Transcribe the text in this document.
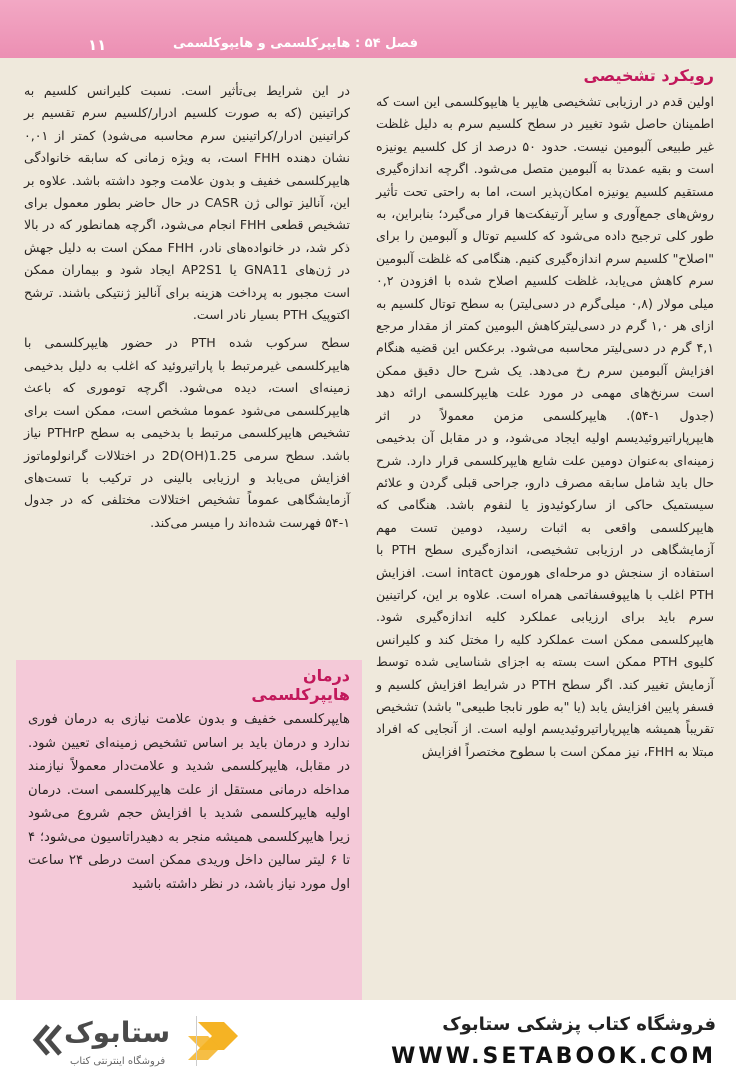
۱۱	فصل ۵۴ : هایپرکلسمی و هایپوکلسمی
رویکرد تشخیصی

اولین قدم در ارزیابی تشخیصی هایپر یا هایپوکلسمی این است که اطمینان حاصل شود تغییر در سطح کلسیم سرم به دلیل غلظت غیر طبیعی آلبومین نیست. حدود ۵۰ درصد از کل کلسیم یونیزه است و بقیه عمدتا به آلبومین متصل می‌شود. اگرچه اندازه‌گیری مستقیم کلسیم یونیزه امکان‌پذیر است، اما به راحتی تحت تأثیر روش‌های جمع‌آوری و سایر آرتیفکت‌ها قرار می‌گیرد؛ بنابراین، به طور کلی ترجیح داده می‌شود که کلسیم توتال و آلبومین را برای "اصلاح" کلسیم سرم اندازه‌گیری کنیم. هنگامی که غلظت آلبومین سرم کاهش می‌یابد، غلظت کلسیم اصلاح شده با افزودن ۰,۲ میلی مولار (۰,۸ میلی‌گرم در دسی‌لیتر) به سطح توتال کلسیم به ازای هر ۱,۰ گرم در دسی‌لیترکاهش البومین کمتر از مقدار مرجع ۴,۱ گرم در دسی‌لیتر محاسبه می‌شود. برعکس این قضیه هنگام افزایش آلبومین سرم رخ می‌دهد. یک شرح حال دقیق ممکن است سرنخ‌های مهمی در مورد علت هایپرکلسمی ارائه دهد (جدول ۱-۵۴). هایپرکلسمی مزمن معمولاً در اثر هایپرپاراتیروئیدیسم اولیه ایجاد می‌شود، و در مقابل آن بدخیمی زمینه‌ای به‌عنوان دومین علت شایع هایپرکلسمی قرار دارد. شرح حال باید شامل سابقه مصرف دارو، جراحی قبلی گردن و علائم سیستمیک حاکی از سارکوئیدوز یا لنفوم باشد. هنگامی که هایپرکلسمی واقعی به اثبات رسید، دومین تست مهم آزمایشگاهی در ارزیابی تشخیصی، اندازه‌گیری سطح PTH با استفاده از سنجش دو مرحله‌ای هورمون intact است. افزایش PTH اغلب با هایپوفسفاتمی همراه است. علاوه بر این، کراتینین سرم باید برای ارزیابی عملکرد کلیه اندازه‌گیری شود. هایپرکلسمی ممکن است عملکرد کلیه را مختل کند و کلیرانس کلیوی PTH ممکن است بسته به اجزای شناسایی شده توسط آزمایش تغییر کند. اگر سطح PTH در شرایط افزایش کلسیم و فسفر پایین افزایش یابد (یا "به طور نابجا طبیعی" باشد) تشخیص تقریباً همیشه هایپرپاراتیروئیدیسم اولیه است. از آنجایی که افراد مبتلا به FHH، نیز ممکن است با سطوح مختصراً افزایش

در این شرایط بی‌تأثیر است. نسبت کلیرانس کلسیم به کراتینین (که به صورت کلسیم ادرار/کلسیم سرم تقسیم بر کراتینین ادرار/کراتینین سرم محاسبه می‌شود) کمتر از ۰,۰۱ نشان دهنده FHH است، به ویژه زمانی که سابقه خانوادگی هایپرکلسمی خفیف و بدون علامت وجود داشته باشد. علاوه بر این، آنالیز توالی ژن CASR در حال حاضر بطور معمول برای تشخیص قطعی FHH انجام می‌شود، اگرچه همانطور که در بالا ذکر شد، در خانواده‌های نادر، FHH ممکن است به دلیل جهش در ژن‌های GNA11 یا AP2S1 ایجاد شود و بیماران ممکن است مجبور به پرداخت هزینه برای آنالیز ژنتیکی باشند. ترشح اکتوپیک PTH بسیار نادر است.

سطح سرکوب شده PTH در حضور هایپرکلسمی با هایپرکلسمی غیرمرتبط با پاراتیروئید که اغلب به دلیل بدخیمی زمینه‌ای است، دیده می‌شود. اگرچه توموری که باعث هایپرکلسمی می‌شود عموما مشخص است، ممکن است برای تشخیص هایپرکلسمی مرتبط با بدخیمی به سطح PTHrP نیاز باشد. سطح سرمی 1.25(OH)2D در اختلالات گرانولوماتوز افزایش می‌یابد و ارزیابی بالینی در ترکیب با تست‌های آزمایشگاهی عموماً تشخیص اختلالات مختلفی که در جدول ۱-۵۴ فهرست شده‌اند را میسر می‌کند.

درمان
هایپرکلسمی

هایپرکلسمی خفیف و بدون علامت نیازی به درمان فوری ندارد و درمان باید بر اساس تشخیص زمینه‌ای تعیین شود. در مقابل، هایپرکلسمی شدید و علامت‌دار معمولاً نیازمند مداخله درمانی مستقل از علت هایپرکلسمی است. درمان اولیه هایپرکلسمی شدید با افزایش حجم شروع می‌شود زیرا هایپرکلسمی همیشه منجر به دهیدراتاسیون می‌شود؛ ۴ تا ۶ لیتر سالین داخل وریدی ممکن است درطی ۲۴ ساعت اول مورد نیاز باشد، در نظر داشته باشید

ستابوک
فروشگاه اینترنتی کتاب
فروشگاه کتاب پزشکی ستابوک
WWW.SETABOOK.COM
